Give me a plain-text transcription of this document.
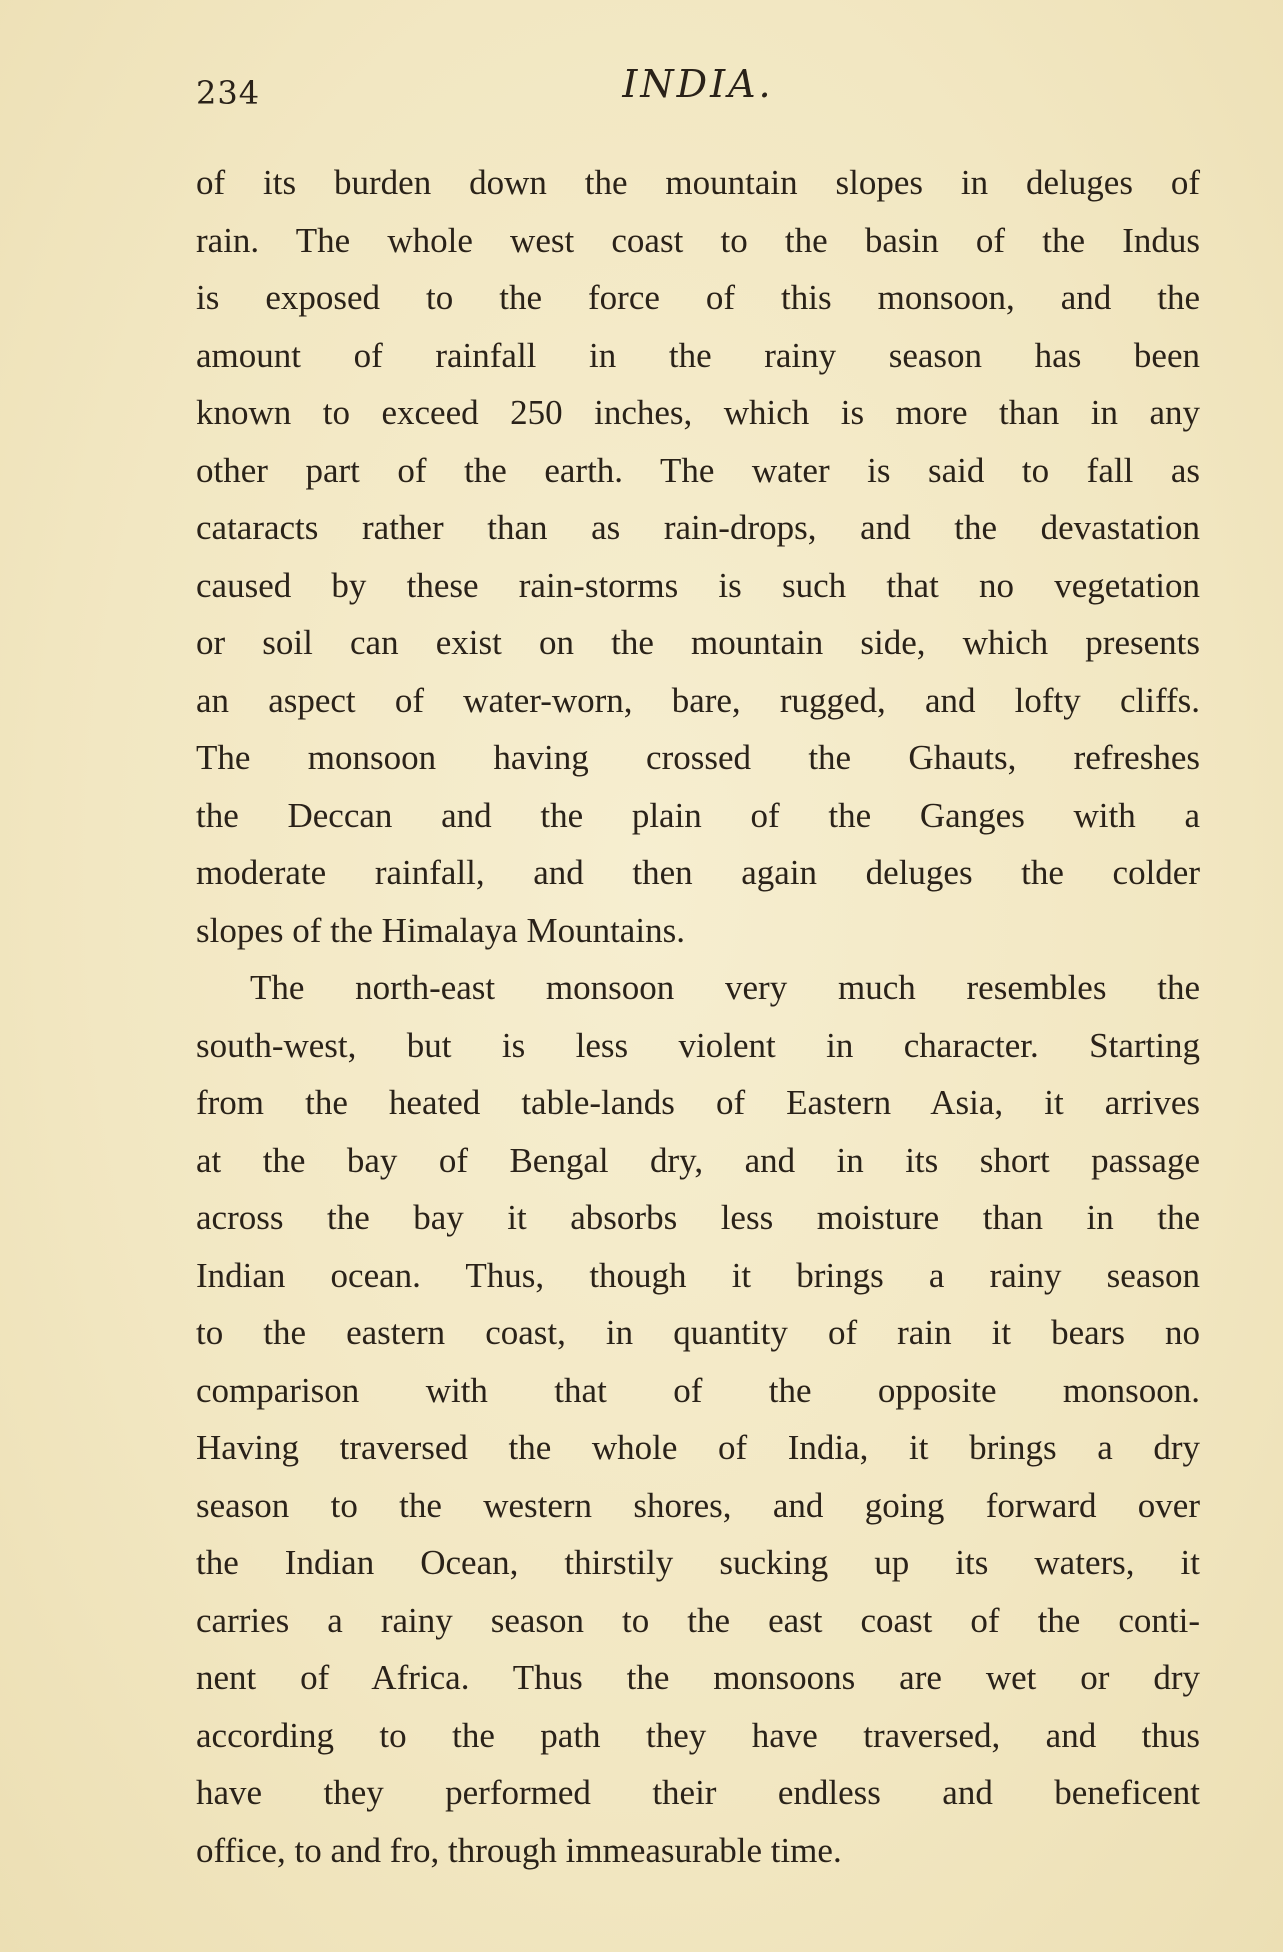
234	INDIA.
of its burden down the mountain slopes in deluges of
rain. The whole west coast to the basin of the Indus
is exposed to the force of this monsoon, and the
amount of rainfall in the rainy season has been
known to exceed 250 inches, which is more than in any
other part of the earth. The water is said to fall as
cataracts rather than as rain-drops, and the devastation
caused by these rain-storms is such that no vegetation
or soil can exist on the mountain side, which presents
an aspect of water-worn, bare, rugged, and lofty cliffs.
The monsoon having crossed the Ghauts, refreshes
the Deccan and the plain of the Ganges with a
moderate rainfall, and then again deluges the colder
slopes of the Himalaya Mountains.
The north-east monsoon very much resembles the
south-west, but is less violent in character. Starting
from the heated table-lands of Eastern Asia, it arrives
at the bay of Bengal dry, and in its short passage
across the bay it absorbs less moisture than in the
Indian ocean. Thus, though it brings a rainy season
to the eastern coast, in quantity of rain it bears no
comparison with that of the opposite monsoon.
Having traversed the whole of India, it brings a dry
season to the western shores, and going forward over
the Indian Ocean, thirstily sucking up its waters, it
carries a rainy season to the east coast of the conti-
nent of Africa. Thus the monsoons are wet or dry
according to the path they have traversed, and thus
have they performed their endless and beneficent
office, to and fro, through immeasurable time.
